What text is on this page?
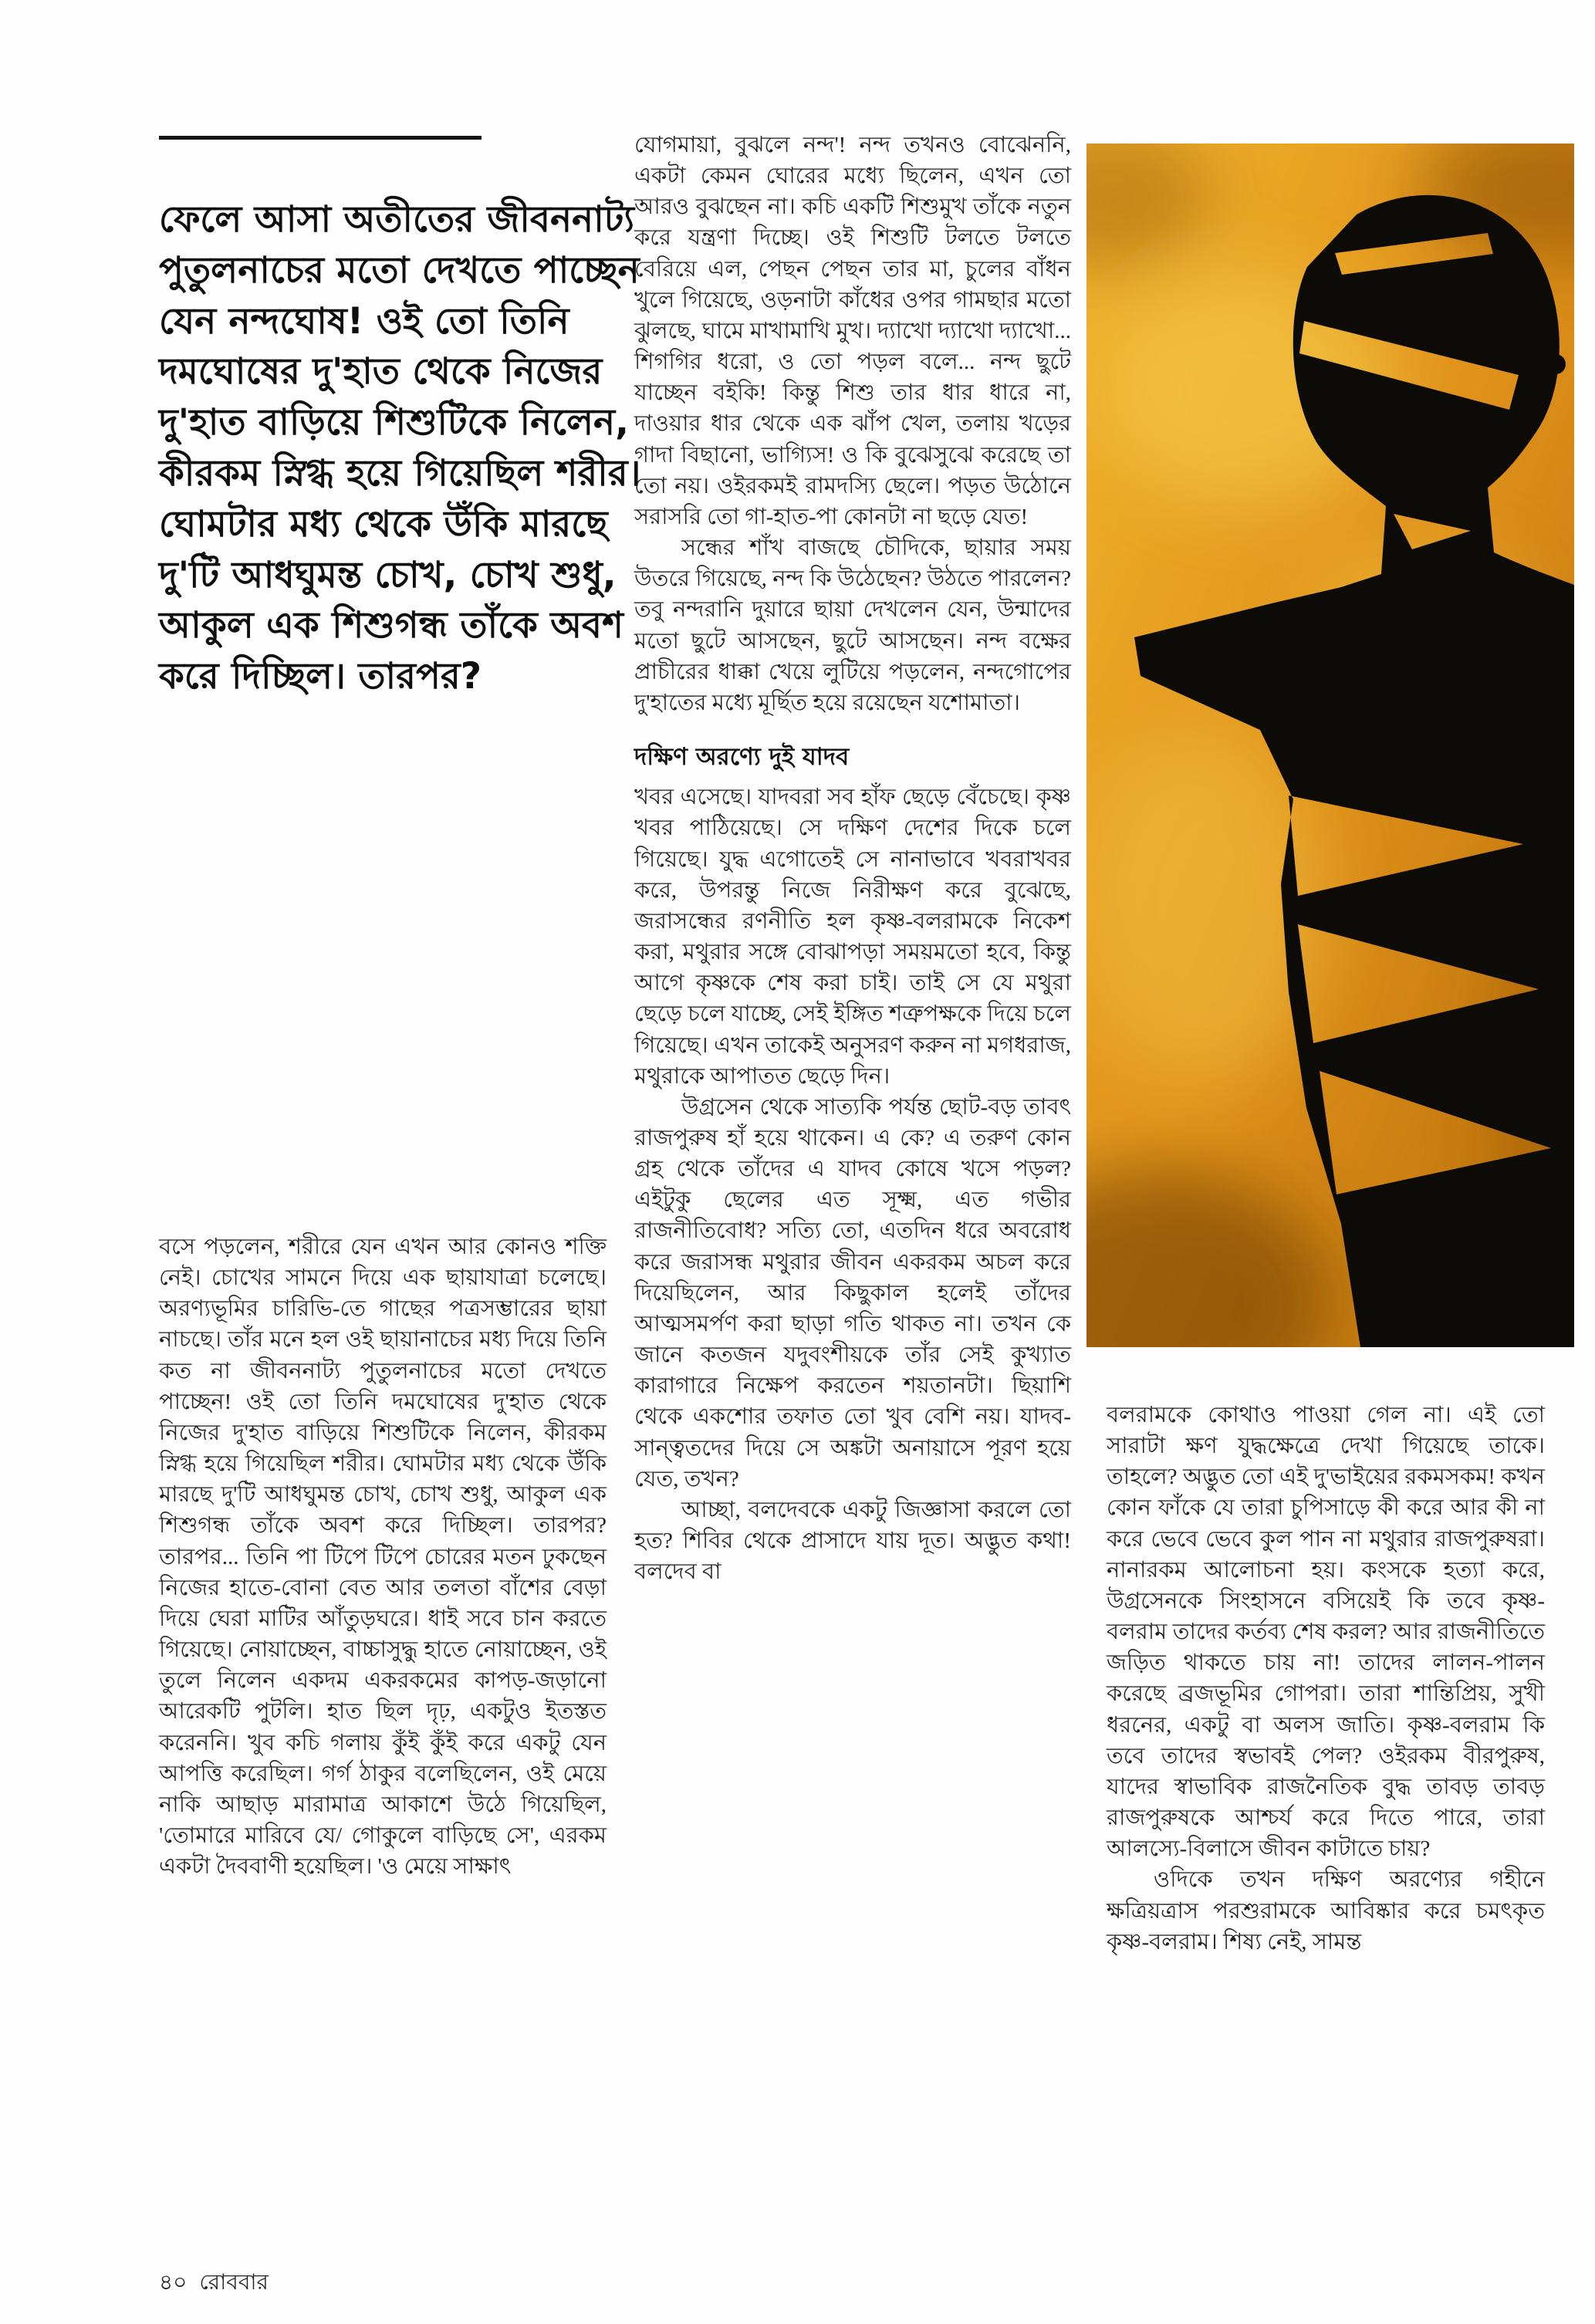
ফেলে আসা অতীতের জীবননাট্য পুতুলনাচের মতো দেখতে পাচ্ছেন যেন নন্দঘোষ! ওই তো তিনি দমঘোষের দু'হাত থেকে নিজের দু'হাত বাড়িয়ে শিশুটিকে নিলেন, কীরকম স্নিগ্ধ হয়ে গিয়েছিল শরীর। ঘোমটার মধ্য থেকে উঁকি মারছে দু'টি আধঘুমন্ত চোখ, চোখ শুধু, আকুল এক শিশুগন্ধ তাঁকে অবশ করে দিচ্ছিল। তারপর?

বসে পড়লেন, শরীরে যেন এখন আর কোনও শক্তি নেই। চোখের সামনে দিয়ে এক ছায়াযাত্রা চলেছে। অরণ্যভূমির চারিভি-তে গাছের পত্রসম্ভারের ছায়া নাচছে। তাঁর মনে হল ওই ছায়ানাচের মধ্য দিয়ে তিনি কত না জীবননাট্য পুতুলনাচের মতো দেখতে পাচ্ছেন! ওই তো তিনি দমঘোষের দু'হাত থেকে নিজের দু'হাত বাড়িয়ে শিশুটিকে নিলেন, কীরকম স্নিগ্ধ হয়ে গিয়েছিল শরীর। ঘোমটার মধ্য থেকে উঁকি মারছে দু'টি আধঘুমন্ত চোখ, চোখ শুধু, আকুল এক শিশুগন্ধ তাঁকে অবশ করে দিচ্ছিল। তারপর? তারপর... তিনি পা টিপে টিপে চোরের মতন ঢুকছেন নিজের হাতে-বোনা বেত আর তলতা বাঁশের বেড়া দিয়ে ঘেরা মাটির আঁতুড়ঘরে। ধাই সবে চান করতে গিয়েছে। নোয়াচ্ছেন, বাচ্চাসুদ্ধু হাতে নোয়াচ্ছেন, ওই তুলে নিলেন একদম একরকমের কাপড়-জড়ানো আরেকটি পুটলি। হাত ছিল দৃঢ়, একটুও ইতস্তত করেননি। খুব কচি গলায় কুঁই কুঁই করে একটু যেন আপত্তি করেছিল। গর্গ ঠাকুর বলেছিলেন, ওই মেয়ে নাকি আছাড় মারামাত্র আকাশে উঠে গিয়েছিল, 'তোমারে মারিবে যে/ গোকুলে বাড়িছে সে', এরকম একটা দৈববাণী হয়েছিল। 'ও মেয়ে সাক্ষাৎ

যোগমায়া, বুঝলে নন্দ'! নন্দ তখনও বোঝেননি, একটা কেমন ঘোরের মধ্যে ছিলেন, এখন তো আরও বুঝছেন না। কচি একটি শিশুমুখ তাঁকে নতুন করে যন্ত্রণা দিচ্ছে। ওই শিশুটি টলতে টলতে বেরিয়ে এল, পেছন পেছন তার মা, চুলের বাঁধন খুলে গিয়েছে, ওড়নাটা কাঁধের ওপর গামছার মতো ঝুলছে, ঘামে মাখামাখি মুখ। দ্যাখো দ্যাখো দ্যাখো... শিগগির ধরো, ও তো পড়ল বলে... নন্দ ছুটে যাচ্ছেন বইকি! কিন্তু শিশু তার ধার ধারে না, দাওয়ার ধার থেকে এক ঝাঁপ খেল, তলায় খড়ের গাদা বিছানো, ভাগ্যিস! ও কি বুঝেসুঝে করেছে তা তো নয়। ওইরকমই রামদস্যি ছেলে। পড়ত উঠোনে সরাসরি তো গা-হাত-পা কোনটা না ছড়ে যেত!

সন্ধের শাঁখ বাজছে চৌদিকে, ছায়ার সময় উতরে গিয়েছে, নন্দ কি উঠেছেন? উঠতে পারলেন? তবু নন্দরানি দুয়ারে ছায়া দেখলেন যেন, উন্মাদের মতো ছুটে আসছেন, ছুটে আসছেন। নন্দ বক্ষের প্রাচীরের ধাক্কা খেয়ে লুটিয়ে পড়লেন, নন্দগোপের দু'হাতের মধ্যে মূর্ছিত হয়ে রয়েছেন যশোমাতা।

দক্ষিণ অরণ্যে দুই যাদব

খবর এসেছে। যাদবরা সব হাঁফ ছেড়ে বেঁচেছে। কৃষ্ণ খবর পাঠিয়েছে। সে দক্ষিণ দেশের দিকে চলে গিয়েছে। যুদ্ধ এগোতেই সে নানাভাবে খবরাখবর করে, উপরন্তু নিজে নিরীক্ষণ করে বুঝেছে, জরাসন্ধের রণনীতি হল কৃষ্ণ-বলরামকে নিকেশ করা, মথুরার সঙ্গে বোঝাপড়া সময়মতো হবে, কিন্তু আগে কৃষ্ণকে শেষ করা চাই। তাই সে যে মথুরা ছেড়ে চলে যাচ্ছে, সেই ইঙ্গিত শত্রুপক্ষকে দিয়ে চলে গিয়েছে। এখন তাকেই অনুসরণ করুন না মগধরাজ, মথুরাকে আপাতত ছেড়ে দিন।

উগ্রসেন থেকে সাত্যকি পর্যন্ত ছোট-বড় তাবৎ রাজপুরুষ হাঁ হয়ে থাকেন। এ কে? এ তরুণ কোন গ্রহ থেকে তাঁদের এ যাদব কোষে খসে পড়ল? এইটুকু ছেলের এত সূক্ষ্ম, এত গভীর রাজনীতিবোধ? সত্যি তো, এতদিন ধরে অবরোধ করে জরাসন্ধ মথুরার জীবন একরকম অচল করে দিয়েছিলেন, আর কিছুকাল হলেই তাঁদের আত্মসমর্পণ করা ছাড়া গতি থাকত না। তখন কে জানে কতজন যদুবংশীয়কে তাঁর সেই কুখ্যাত কারাগারে নিক্ষেপ করতেন শয়তানটা। ছিয়াশি থেকে একশোর তফাত তো খুব বেশি নয়। যাদব-সান্ত্বতদের দিয়ে সে অঙ্কটা অনায়াসে পূরণ হয়ে যেত, তখন?

আচ্ছা, বলদেবকে একটু জিজ্ঞাসা করলে তো হত? শিবির থেকে প্রাসাদে যায় দূত। অদ্ভুত কথা! বলদেব বা

বলরামকে কোথাও পাওয়া গেল না। এই তো সারাটা ক্ষণ যুদ্ধক্ষেত্রে দেখা গিয়েছে তাকে। তাহলে? অদ্ভুত তো এই দু'ভাইয়ের রকমসকম! কখন কোন ফাঁকে যে তারা চুপিসাড়ে কী করে আর কী না করে ভেবে ভেবে কুল পান না মথুরার রাজপুরুষরা। নানারকম আলোচনা হয়। কংসকে হত্যা করে, উগ্রসেনকে সিংহাসনে বসিয়েই কি তবে কৃষ্ণ-বলরাম তাদের কর্তব্য শেষ করল? আর রাজনীতিতে জড়িত থাকতে চায় না! তাদের লালন-পালন করেছে ব্রজভূমির গোপরা। তারা শান্তিপ্রিয়, সুখী ধরনের, একটু বা অলস জাতি। কৃষ্ণ-বলরাম কি তবে তাদের স্বভাবই পেল? ওইরকম বীরপুরুষ, যাদের স্বাভাবিক রাজনৈতিক বুদ্ধ তাবড় তাবড় রাজপুরুষকে আশ্চর্য করে দিতে পারে, তারা আলস্যে-বিলাসে জীবন কাটাতে চায়?

ওদিকে তখন দক্ষিণ অরণ্যের গহীনে ক্ষত্রিয়ত্রাস পরশুরামকে আবিষ্কার করে চমৎকৃত কৃষ্ণ-বলরাম। শিষ্য নেই, সামন্ত

৪০ রোববার
